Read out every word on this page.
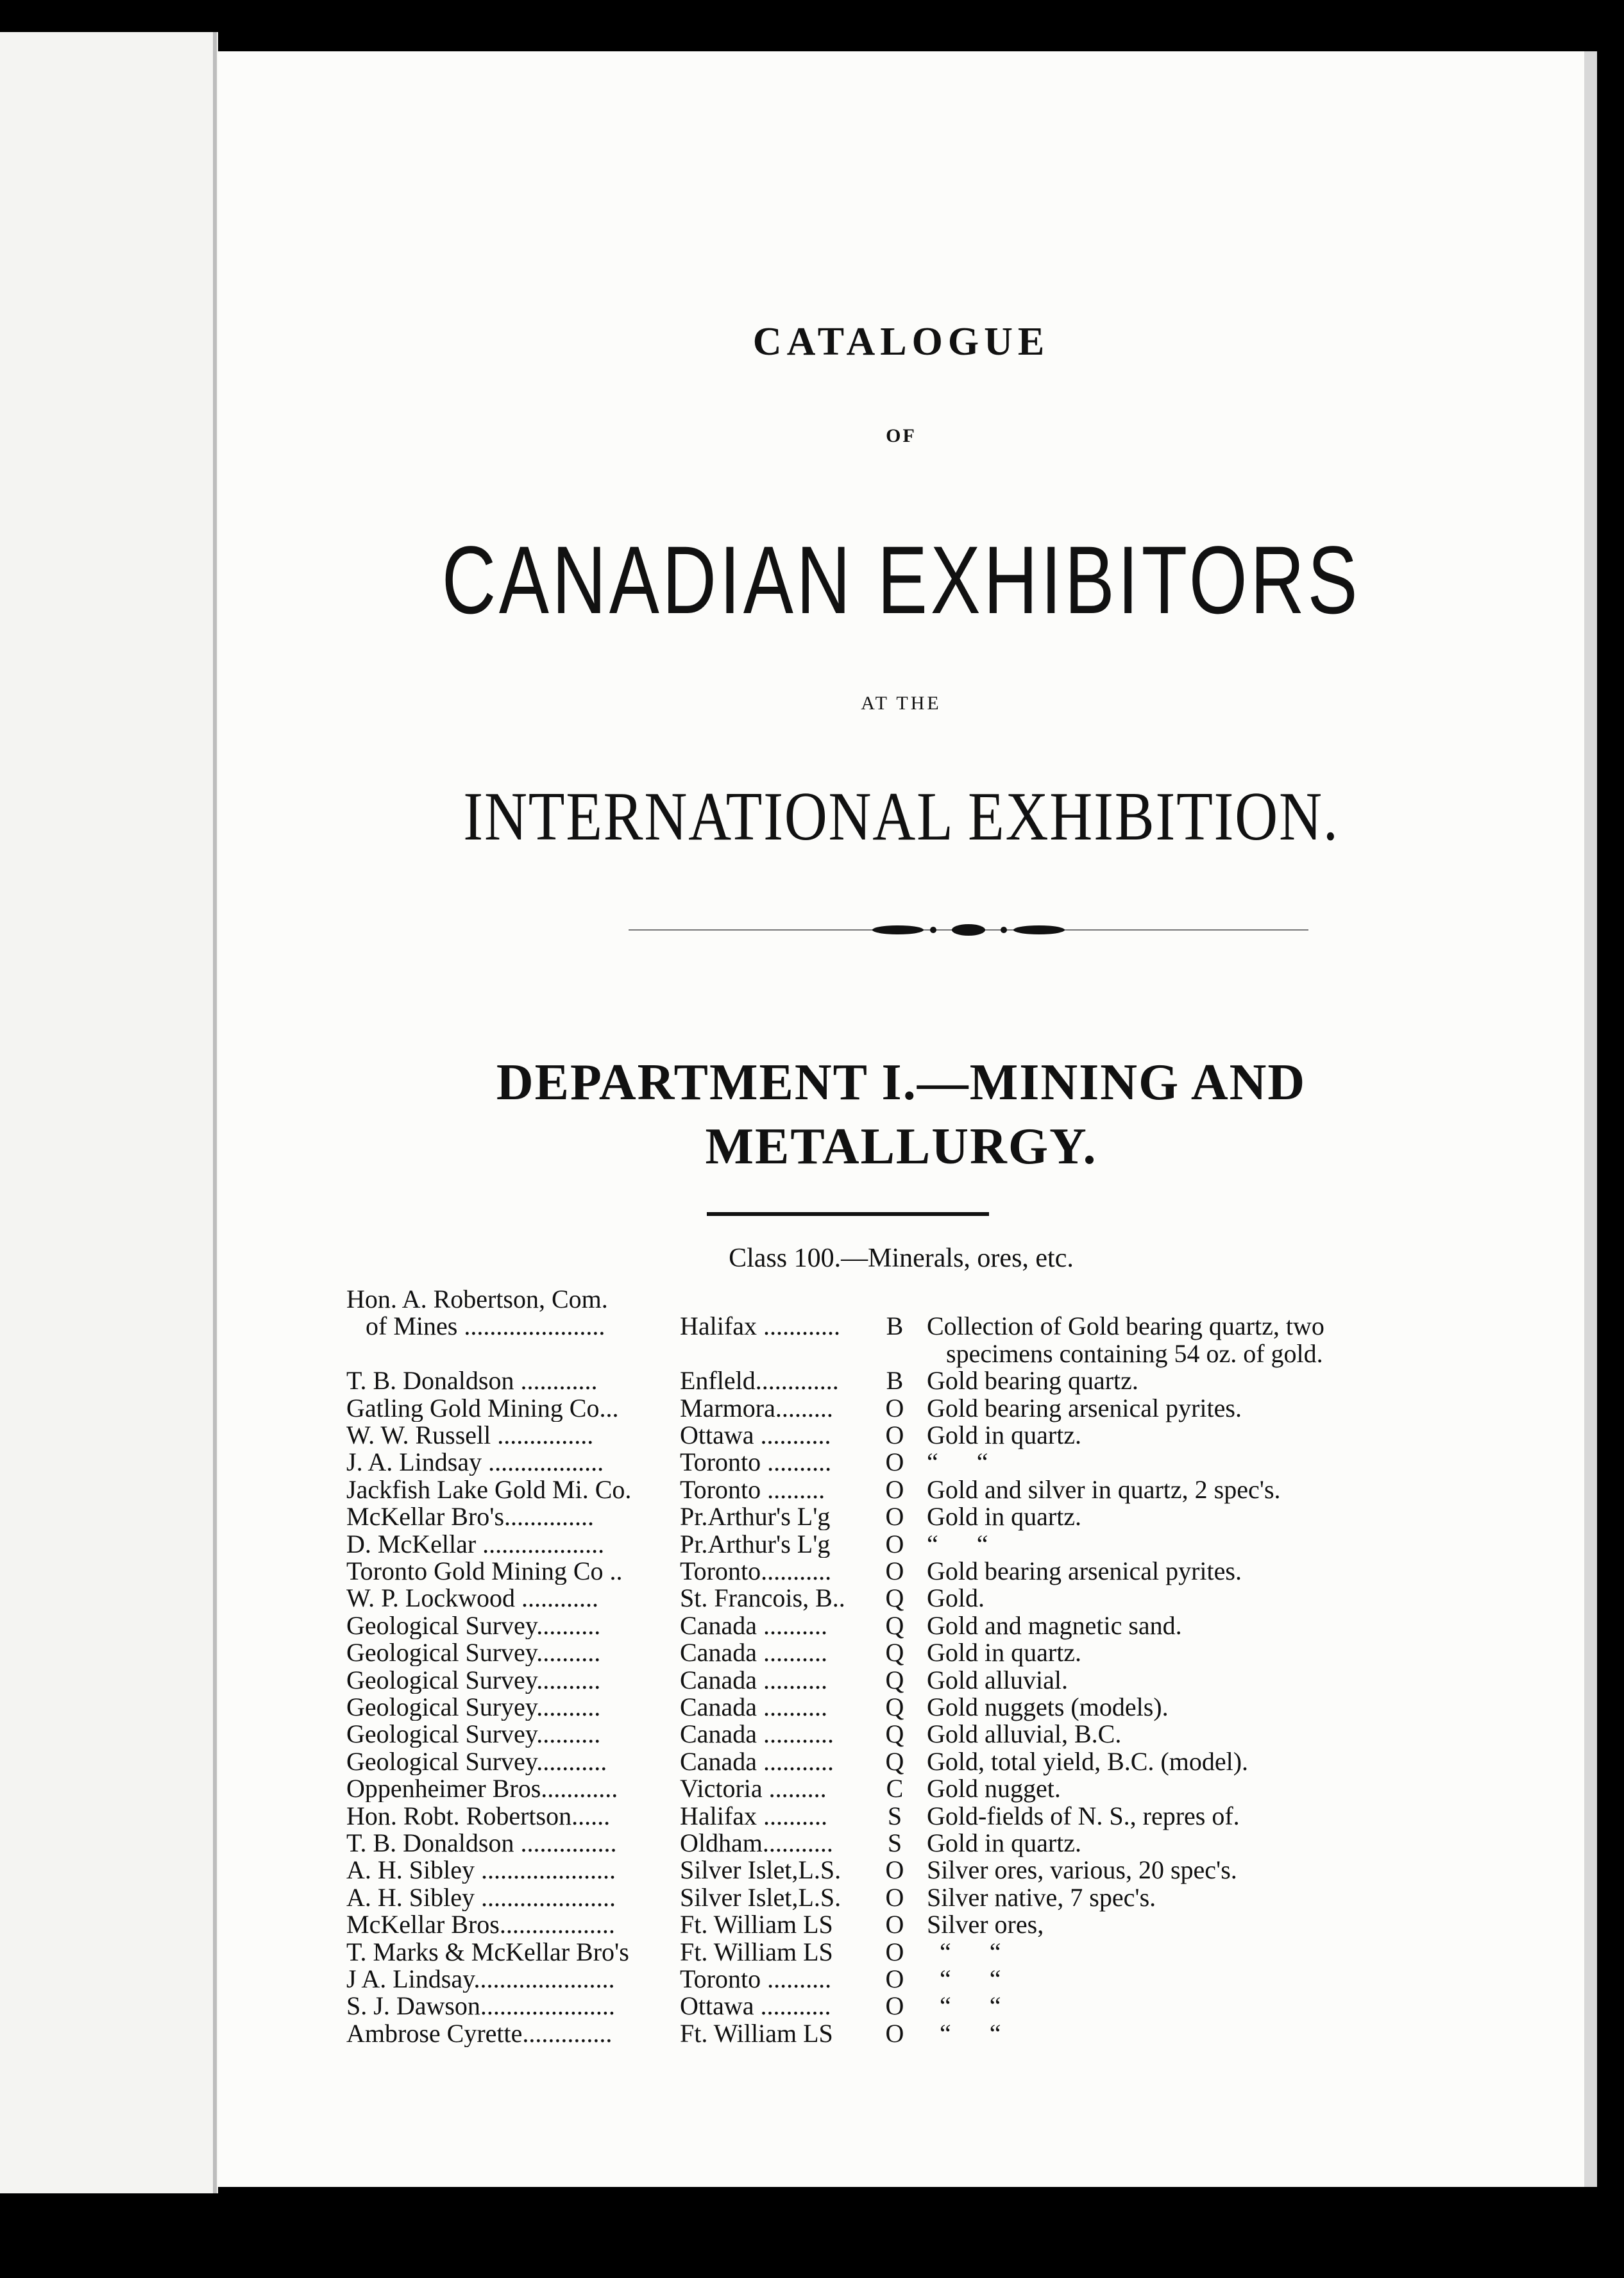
CATALOGUE
OF
CANADIAN EXHIBITORS
AT THE
INTERNATIONAL EXHIBITION.
DEPARTMENT I.—MINING AND
METALLURGY.
Class 100.—Minerals, ores, etc.
Hon. A. Robertson, Com.
of Mines ......................	Halifax ............	B Collection of Gold bearing quartz, two
specimens containing 54 oz. of gold.
T. B. Donaldson ............	Enfleld.............	B Gold bearing quartz.
Gatling Gold Mining Co...	Marmora.........	O Gold bearing arsenical pyrites.
W. W. Russell ...............	Ottawa ...........	O Gold in quartz.
J. A. Lindsay ..................	Toronto ..........	O “      “
Jackfish Lake Gold Mi. Co.	Toronto .........	O Gold and silver in quartz, 2 spec's.
McKellar Bro's..............	Pr.Arthur's L'g	O Gold in quartz.
D. McKellar ...................	Pr.Arthur's L'g	O “      “
Toronto Gold Mining Co ..	Toronto...........	O Gold bearing arsenical pyrites.
W. P. Lockwood ............	St. Francois, B..	Q Gold.
Geological Survey..........	Canada ..........	Q Gold and magnetic sand.
Geological Survey..........	Canada ..........	Q Gold in quartz.
Geological Survey..........	Canada ..........	Q Gold alluvial.
Geological Suryey..........	Canada ..........	Q Gold nuggets (models).
Geological Survey..........	Canada ...........	Q Gold alluvial, B.C.
Geological Survey...........	Canada ...........	Q Gold, total yield, B.C. (model).
Oppenheimer Bros............	Victoria .........	C Gold nugget.
Hon. Robt. Robertson......	Halifax ..........	S Gold-fields of N. S., repres of.
T. B. Donaldson ...............	Oldham...........	S Gold in quartz.
A. H. Sibley .....................	Silver Islet,L.S.	O Silver ores, various, 20 spec's.
A. H. Sibley .....................	Silver Islet,L.S.	O Silver native, 7 spec's.
McKellar Bros..................	Ft. William LS	O Silver ores,
T. Marks & McKellar Bro's	Ft. William LS	O “      “
J A. Lindsay......................	Toronto ..........	O “      “
S. J. Dawson.....................	Ottawa ...........	O “      “
Ambrose Cyrette..............	Ft. William LS	O “      “
